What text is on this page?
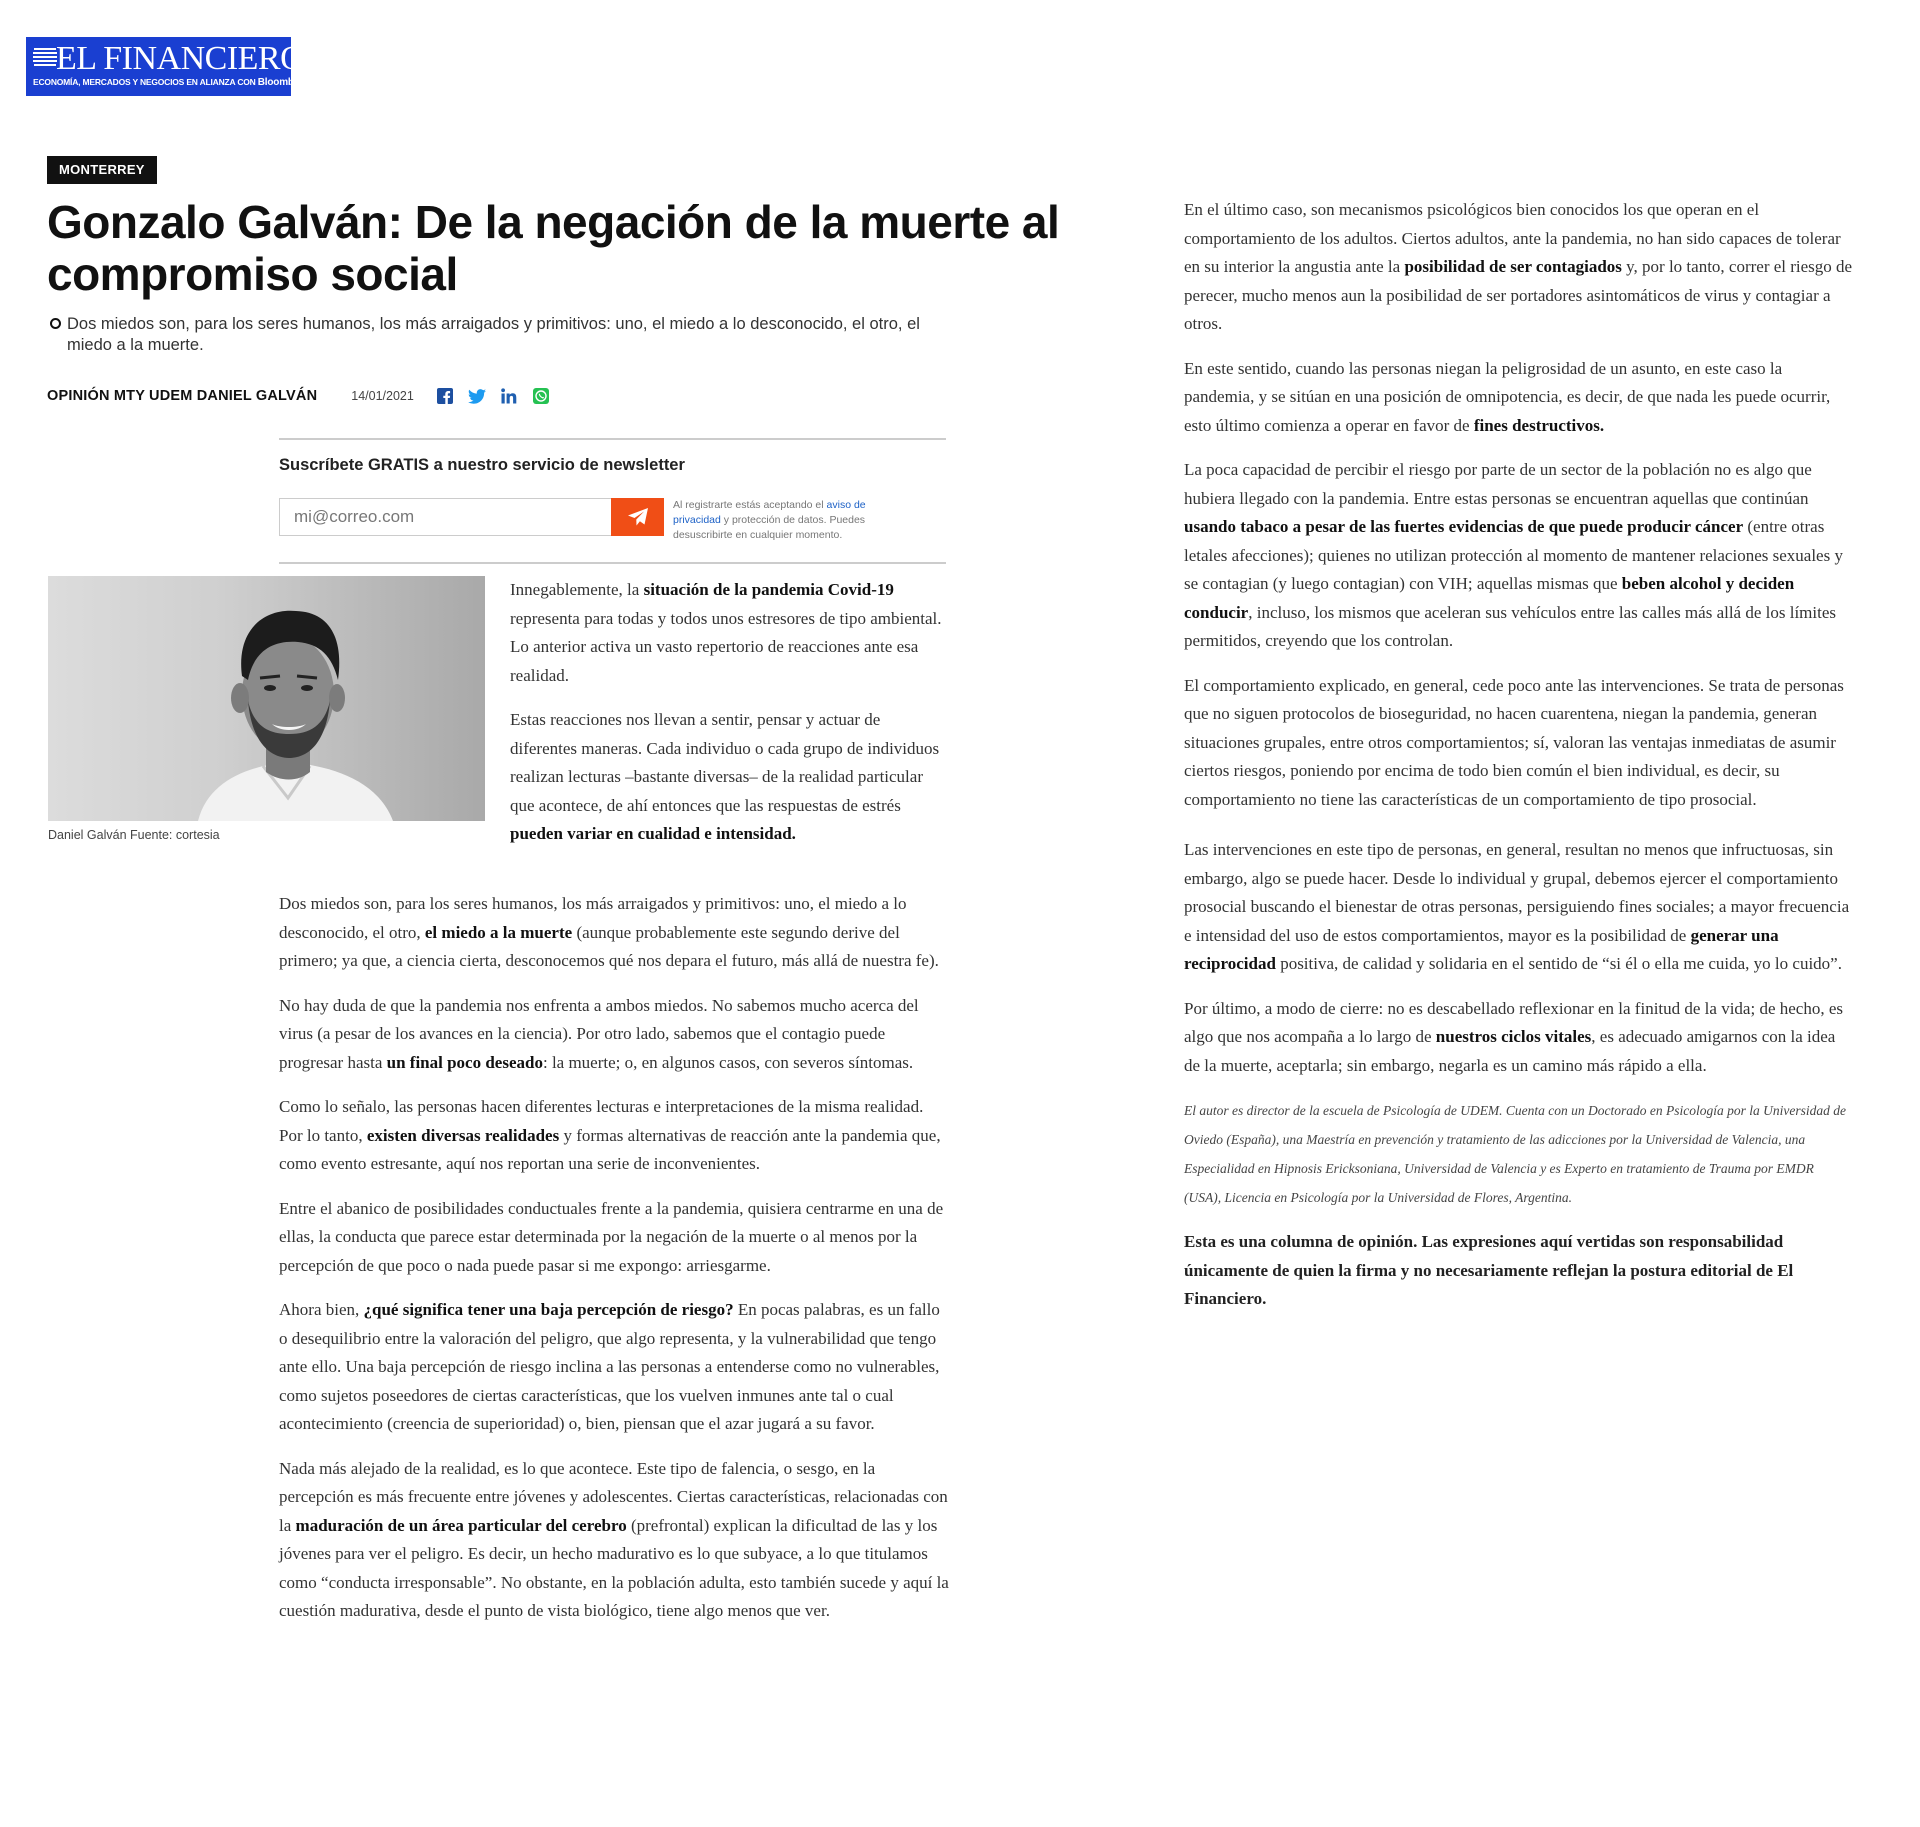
EL FINANCIERO
ECONOMÍA, MERCADOS Y NEGOCIOS EN ALIANZA CON Bloomberg
MONTERREY
Gonzalo Galván: De la negación de la muerte al compromiso social
Dos miedos son, para los seres humanos, los más arraigados y primitivos: uno, el miedo a lo desconocido, el otro, el miedo a la muerte.
OPINIÓN MTY UDEM DANIEL GALVÁN	14/01/2021
Suscríbete GRATIS a nuestro servicio de newsletter
mi@correo.com
Al registrarte estás aceptando el aviso de privacidad y protección de datos. Puedes desuscribirte en cualquier momento.
Daniel Galván Fuente: cortesia

Innegablemente, la situación de la pandemia Covid-19 representa para todas y todos unos estresores de tipo ambiental. Lo anterior activa un vasto repertorio de reacciones ante esa realidad.

Estas reacciones nos llevan a sentir, pensar y actuar de diferentes maneras. Cada individuo o cada grupo de individuos realizan lecturas –bastante diversas– de la realidad particular que acontece, de ahí entonces que las respuestas de estrés pueden variar en cualidad e intensidad.

Dos miedos son, para los seres humanos, los más arraigados y primitivos: uno, el miedo a lo desconocido, el otro, el miedo a la muerte (aunque probablemente este segundo derive del primero; ya que, a ciencia cierta, desconocemos qué nos depara el futuro, más allá de nuestra fe).

No hay duda de que la pandemia nos enfrenta a ambos miedos. No sabemos mucho acerca del virus (a pesar de los avances en la ciencia). Por otro lado, sabemos que el contagio puede progresar hasta un final poco deseado: la muerte; o, en algunos casos, con severos síntomas.

Como lo señalo, las personas hacen diferentes lecturas e interpretaciones de la misma realidad. Por lo tanto, existen diversas realidades y formas alternativas de reacción ante la pandemia que, como evento estresante, aquí nos reportan una serie de inconvenientes.

Entre el abanico de posibilidades conductuales frente a la pandemia, quisiera centrarme en una de ellas, la conducta que parece estar determinada por la negación de la muerte o al menos por la percepción de que poco o nada puede pasar si me expongo: arriesgarme.

Ahora bien, ¿qué significa tener una baja percepción de riesgo? En pocas palabras, es un fallo o desequilibrio entre la valoración del peligro, que algo representa, y la vulnerabilidad que tengo ante ello. Una baja percepción de riesgo inclina a las personas a entenderse como no vulnerables, como sujetos poseedores de ciertas características, que los vuelven inmunes ante tal o cual acontecimiento (creencia de superioridad) o, bien, piensan que el azar jugará a su favor.

Nada más alejado de la realidad, es lo que acontece. Este tipo de falencia, o sesgo, en la percepción es más frecuente entre jóvenes y adolescentes. Ciertas características, relacionadas con la maduración de un área particular del cerebro (prefrontal) explican la dificultad de las y los jóvenes para ver el peligro. Es decir, un hecho madurativo es lo que subyace, a lo que titulamos como “conducta irresponsable”. No obstante, en la población adulta, esto también sucede y aquí la cuestión madurativa, desde el punto de vista biológico, tiene algo menos que ver.

En el último caso, son mecanismos psicológicos bien conocidos los que operan en el comportamiento de los adultos. Ciertos adultos, ante la pandemia, no han sido capaces de tolerar en su interior la angustia ante la posibilidad de ser contagiados y, por lo tanto, correr el riesgo de perecer, mucho menos aun la posibilidad de ser portadores asintomáticos de virus y contagiar a otros.

En este sentido, cuando las personas niegan la peligrosidad de un asunto, en este caso la pandemia, y se sitúan en una posición de omnipotencia, es decir, de que nada les puede ocurrir, esto último comienza a operar en favor de fines destructivos.

La poca capacidad de percibir el riesgo por parte de un sector de la población no es algo que hubiera llegado con la pandemia. Entre estas personas se encuentran aquellas que continúan usando tabaco a pesar de las fuertes evidencias de que puede producir cáncer (entre otras letales afecciones); quienes no utilizan protección al momento de mantener relaciones sexuales y se contagian (y luego contagian) con VIH; aquellas mismas que beben alcohol y deciden conducir, incluso, los mismos que aceleran sus vehículos entre las calles más allá de los límites permitidos, creyendo que los controlan.

El comportamiento explicado, en general, cede poco ante las intervenciones. Se trata de personas que no siguen protocolos de bioseguridad, no hacen cuarentena, niegan la pandemia, generan situaciones grupales, entre otros comportamientos; sí, valoran las ventajas inmediatas de asumir ciertos riesgos, poniendo por encima de todo bien común el bien individual, es decir, su comportamiento no tiene las características de un comportamiento de tipo prosocial.

Las intervenciones en este tipo de personas, en general, resultan no menos que infructuosas, sin embargo, algo se puede hacer. Desde lo individual y grupal, debemos ejercer el comportamiento prosocial buscando el bienestar de otras personas, persiguiendo fines sociales; a mayor frecuencia e intensidad del uso de estos comportamientos, mayor es la posibilidad de generar una reciprocidad positiva, de calidad y solidaria en el sentido de “si él o ella me cuida, yo lo cuido”.

Por último, a modo de cierre: no es descabellado reflexionar en la finitud de la vida; de hecho, es algo que nos acompaña a lo largo de nuestros ciclos vitales, es adecuado amigarnos con la idea de la muerte, aceptarla; sin embargo, negarla es un camino más rápido a ella.

El autor es director de la escuela de Psicología de UDEM. Cuenta con un Doctorado en Psicología por la Universidad de Oviedo (España), una Maestría en prevención y tratamiento de las adicciones por la Universidad de Valencia, una Especialidad en Hipnosis Ericksoniana, Universidad de Valencia y es Experto en tratamiento de Trauma por EMDR (USA), Licencia en Psicología por la Universidad de Flores, Argentina.

Esta es una columna de opinión. Las expresiones aquí vertidas son responsabilidad únicamente de quien la firma y no necesariamente reflejan la postura editorial de El Financiero.
